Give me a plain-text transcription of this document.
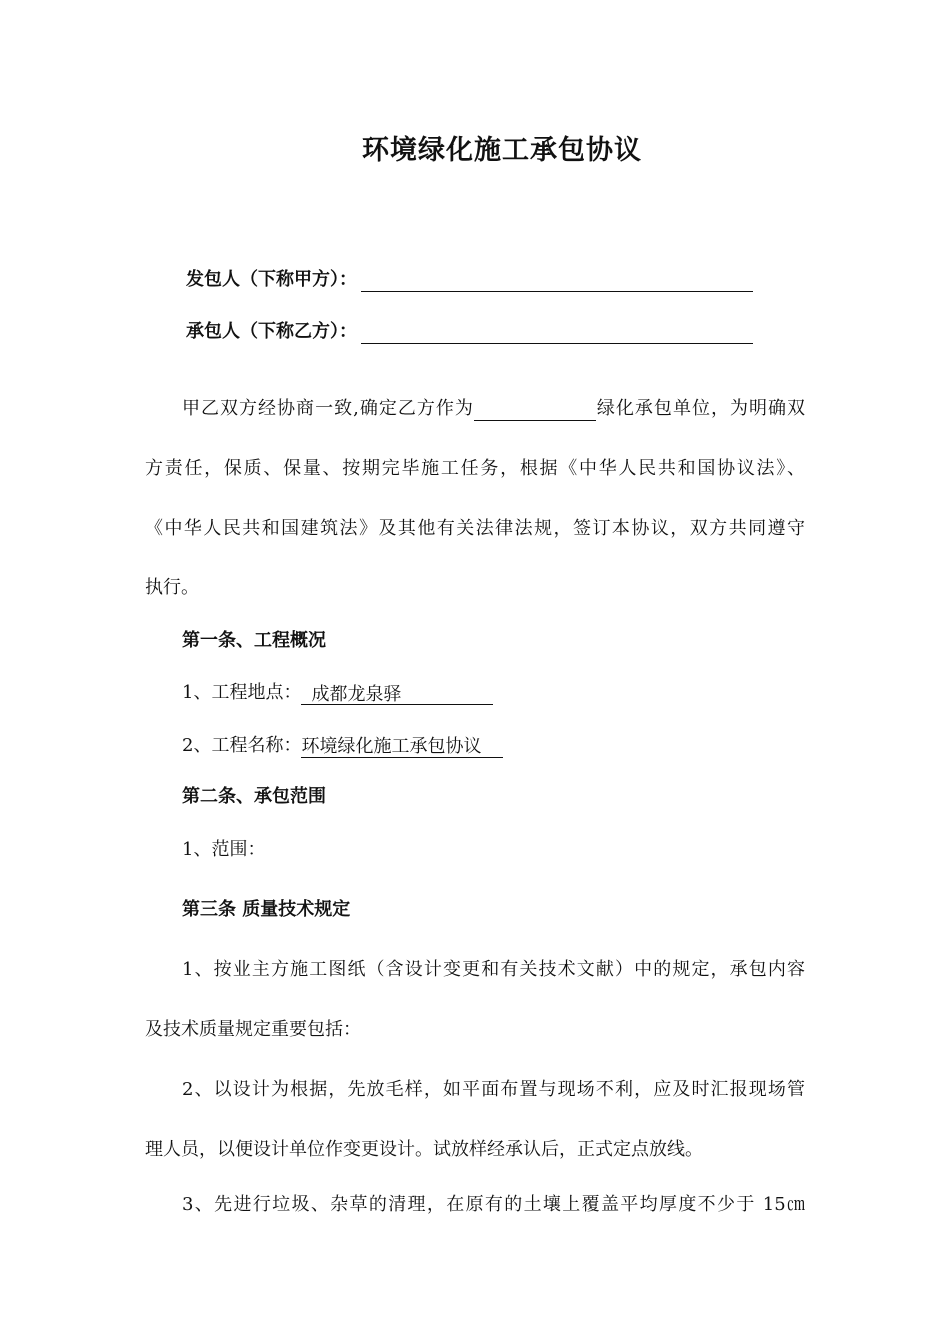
环境绿化施工承包协议
发包人（下称甲方）：
承包人（下称乙方）：
甲乙双方经协商一致,确定乙方作为	绿化承包单位，为明确双
方责任，保质、保量、按期完毕施工任务，根据《中华人民共和国协议法》、
《中华人民共和国建筑法》及其他有关法律法规，签订本协议，双方共同遵守
执行。
第一条、工程概况
1、工程地点： 成都龙泉驿
2、工程名称：环境绿化施工承包协议
第二条、承包范围
1、范围：
第三条 质量技术规定
1、按业主方施工图纸（含设计变更和有关技术文献）中的规定，承包内容
及技术质量规定重要包括：
2、以设计为根据，先放毛样，如平面布置与现场不利，应及时汇报现场管
理人员，以便设计单位作变更设计。试放样经承认后，正式定点放线。
3、先进行垃圾、杂草的清理，在原有的土壤上覆盖平均厚度不少于 15㎝
